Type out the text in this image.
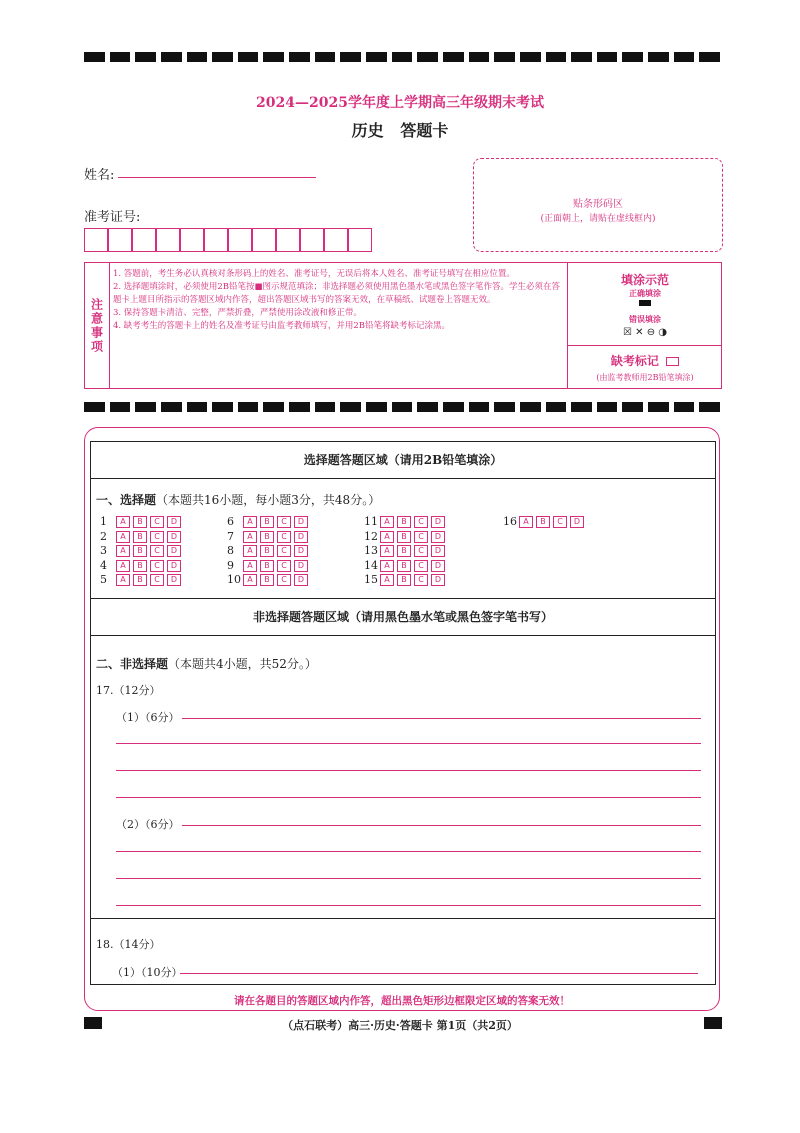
2024—2025学年度上学期高三年级期末考试
历史   答题卡
姓名:
准考证号:
贴条形码区
(正面朝上，请贴在虚线框内)
注意事项
1. 答题前，考生务必认真核对条形码上的姓名、准考证号，无误后将本人姓名、准考证号填写在相应位置。
2. 选择题填涂时，必须使用2B铅笔按■图示规范填涂；非选择题必须使用黑色墨水笔或黑色签字笔作答。学生必须在答题卡上题目所指示的答题区域内作答，超出答题区域书写的答案无效，在草稿纸、试题卷上答题无效。
3. 保持答题卡清洁、完整，严禁折叠，严禁使用涂改液和修正带。
4. 缺考考生的答题卡上的姓名及准考证号由监考教师填写，并用2B铅笔将缺考标记涂黑。
填涂示范
正确填涂
错误填涂
☒ ✕ ⊖ ◑
缺考标记
(由监考教师用2B铅笔填涂)
选择题答题区域（请用2B铅笔填涂）
一、选择题（本题共16小题，每小题3分，共48分。）
1 A B C D
2 A B C D
3 A B C D
4 A B C D
5 A B C D
6 A B C D
7 A B C D
8 A B C D
9 A B C D
10 A B C D
11 A B C D
12 A B C D
13 A B C D
14 A B C D
15 A B C D
16 A B C D
非选择题答题区域（请用黑色墨水笔或黑色签字笔书写）
二、非选择题（本题共4小题，共52分。）
17.（12分）
（1）（6分）
（2）（6分）
18.（14分）
（1）（10分）
请在各题目的答题区域内作答，超出黑色矩形边框限定区域的答案无效！
（点石联考）高三·历史·答题卡 第1页（共2页）
